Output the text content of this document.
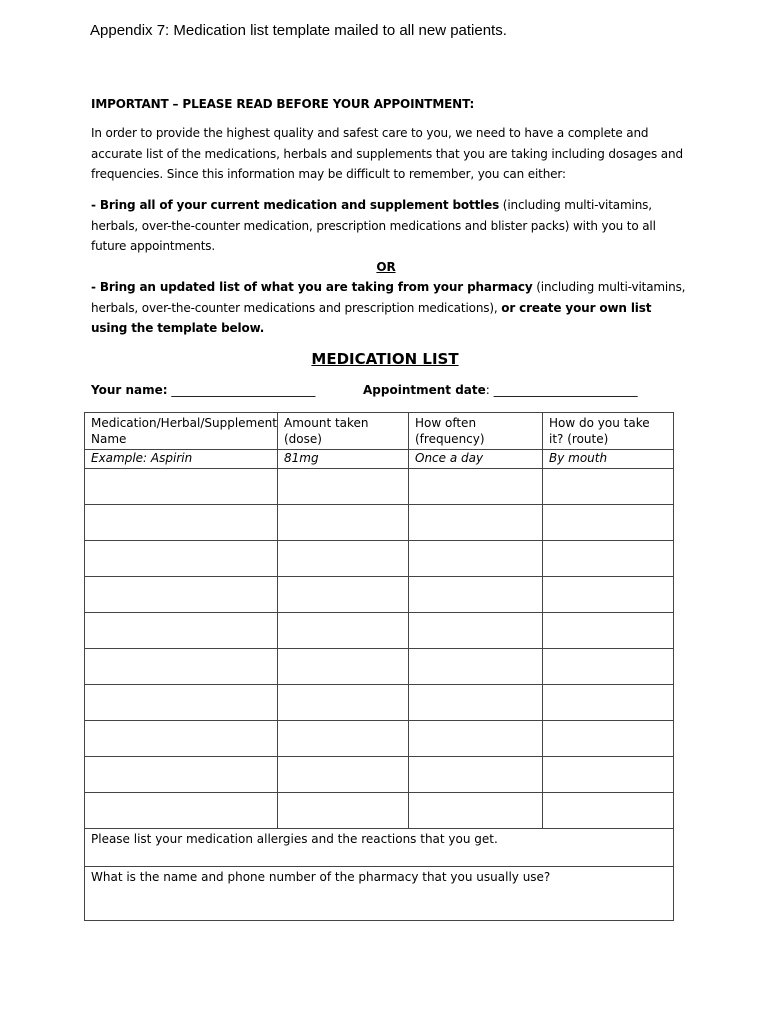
Appendix 7: Medication list template mailed to all new patients.
IMPORTANT – PLEASE READ BEFORE YOUR APPOINTMENT:
In order to provide the highest quality and safest care to you, we need to have a complete and accurate list of the medications, herbals and supplements that you are taking including dosages and frequencies. Since this information may be difficult to remember, you can either:
- Bring all of your current medication and supplement bottles (including multi-vitamins, herbals, over-the-counter medication, prescription medications and blister packs) with you to all future appointments.
OR
- Bring an updated list of what you are taking from your pharmacy (including multi-vitamins, herbals, over-the-counter medications and prescription medications), or create your own list using the template below.
MEDICATION LIST
Your name: ________________________	Appointment date: ________________________
Medication/Herbal/Supplement Name	Amount taken (dose)	How often (frequency)	How do you take it? (route)
Example: Aspirin	81mg	Once a day	By mouth

Please list your medication allergies and the reactions that you get.			
What is the name and phone number of the pharmacy that you usually use?			
